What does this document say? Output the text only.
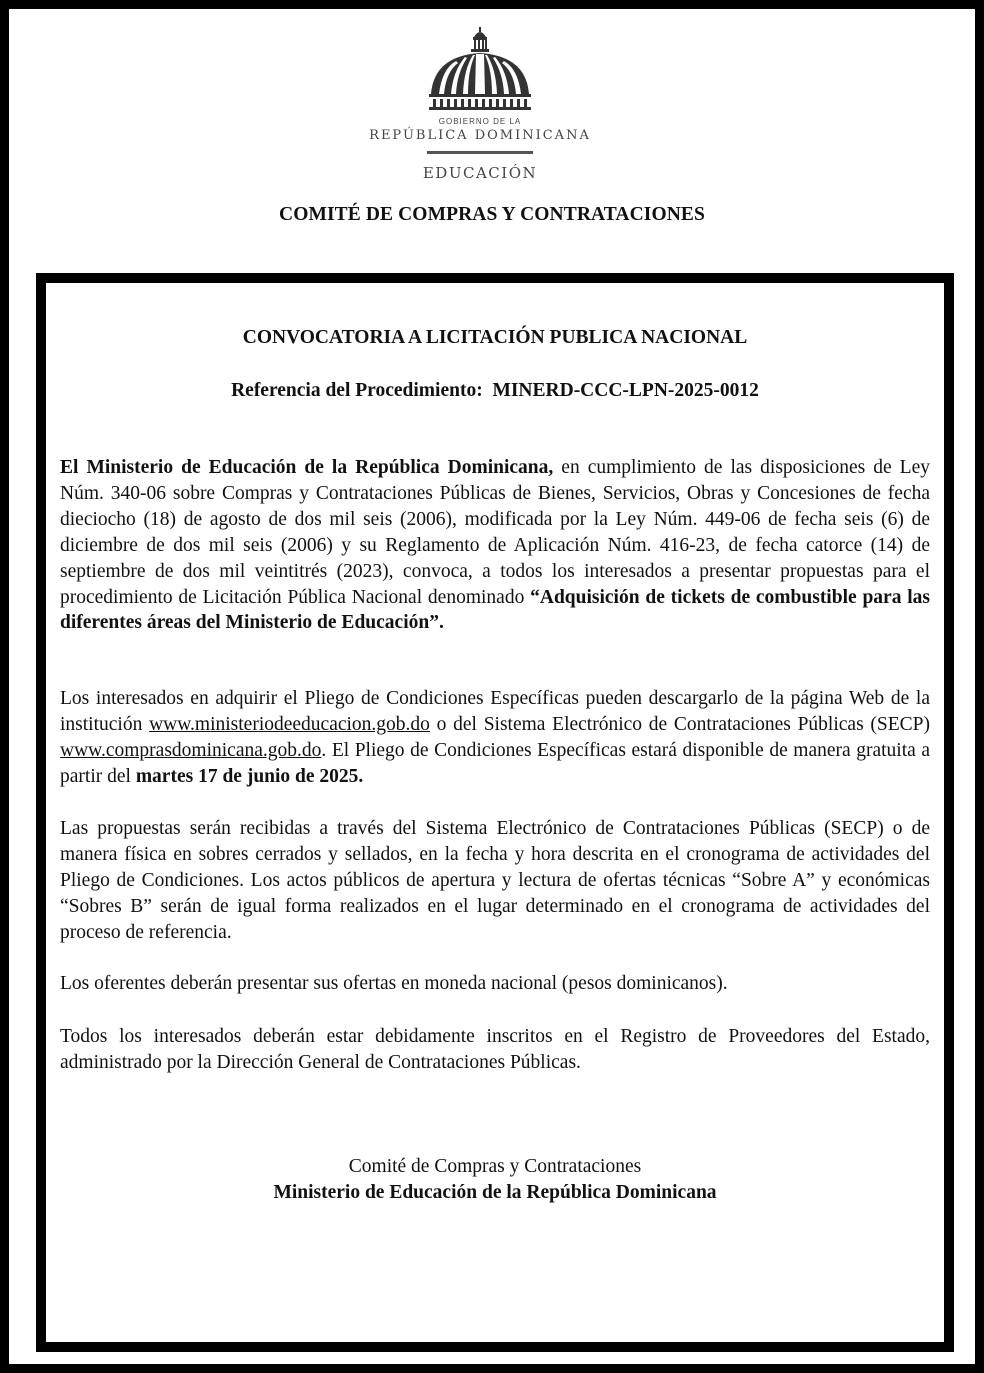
GOBIERNO DE LA
REPÚBLICA DOMINICANA
EDUCACIÓN
COMITÉ DE COMPRAS Y CONTRATACIONES
CONVOCATORIA A LICITACIÓN PUBLICA NACIONAL
Referencia del Procedimiento:  MINERD-CCC-LPN-2025-0012

El Ministerio de Educación de la República Dominicana, en cumplimiento de las disposiciones de Ley Núm. 340-06 sobre Compras y Contrataciones Públicas de Bienes, Servicios, Obras y Concesiones de fecha dieciocho (18) de agosto de dos mil seis (2006), modificada por la Ley Núm. 449-06 de fecha seis (6) de diciembre de dos mil seis (2006) y su Reglamento de Aplicación Núm. 416-23, de fecha catorce (14) de septiembre de dos mil veintitrés (2023), convoca, a todos los interesados a presentar propuestas para el procedimiento de Licitación Pública Nacional denominado “Adquisición de tickets de combustible para las diferentes áreas del Ministerio de Educación”.

Los interesados en adquirir el Pliego de Condiciones Específicas pueden descargarlo de la página Web de la institución www.ministeriodeeducacion.gob.do o del Sistema Electrónico de Contrataciones Públicas (SECP) www.comprasdominicana.gob.do. El Pliego de Condiciones Específicas estará disponible de manera gratuita a partir del martes 17 de junio de 2025.

Las propuestas serán recibidas a través del Sistema Electrónico de Contrataciones Públicas (SECP) o de manera física en sobres cerrados y sellados, en la fecha y hora descrita en el cronograma de actividades del Pliego de Condiciones. Los actos públicos de apertura y lectura de ofertas técnicas “Sobre A” y económicas “Sobres B” serán de igual forma realizados en el lugar determinado en el cronograma de actividades del proceso de referencia.

Los oferentes deberán presentar sus ofertas en moneda nacional (pesos dominicanos).

Todos los interesados deberán estar debidamente inscritos en el Registro de Proveedores del Estado, administrado por la Dirección General de Contrataciones Públicas.

Comité de Compras y Contrataciones
Ministerio de Educación de la República Dominicana
